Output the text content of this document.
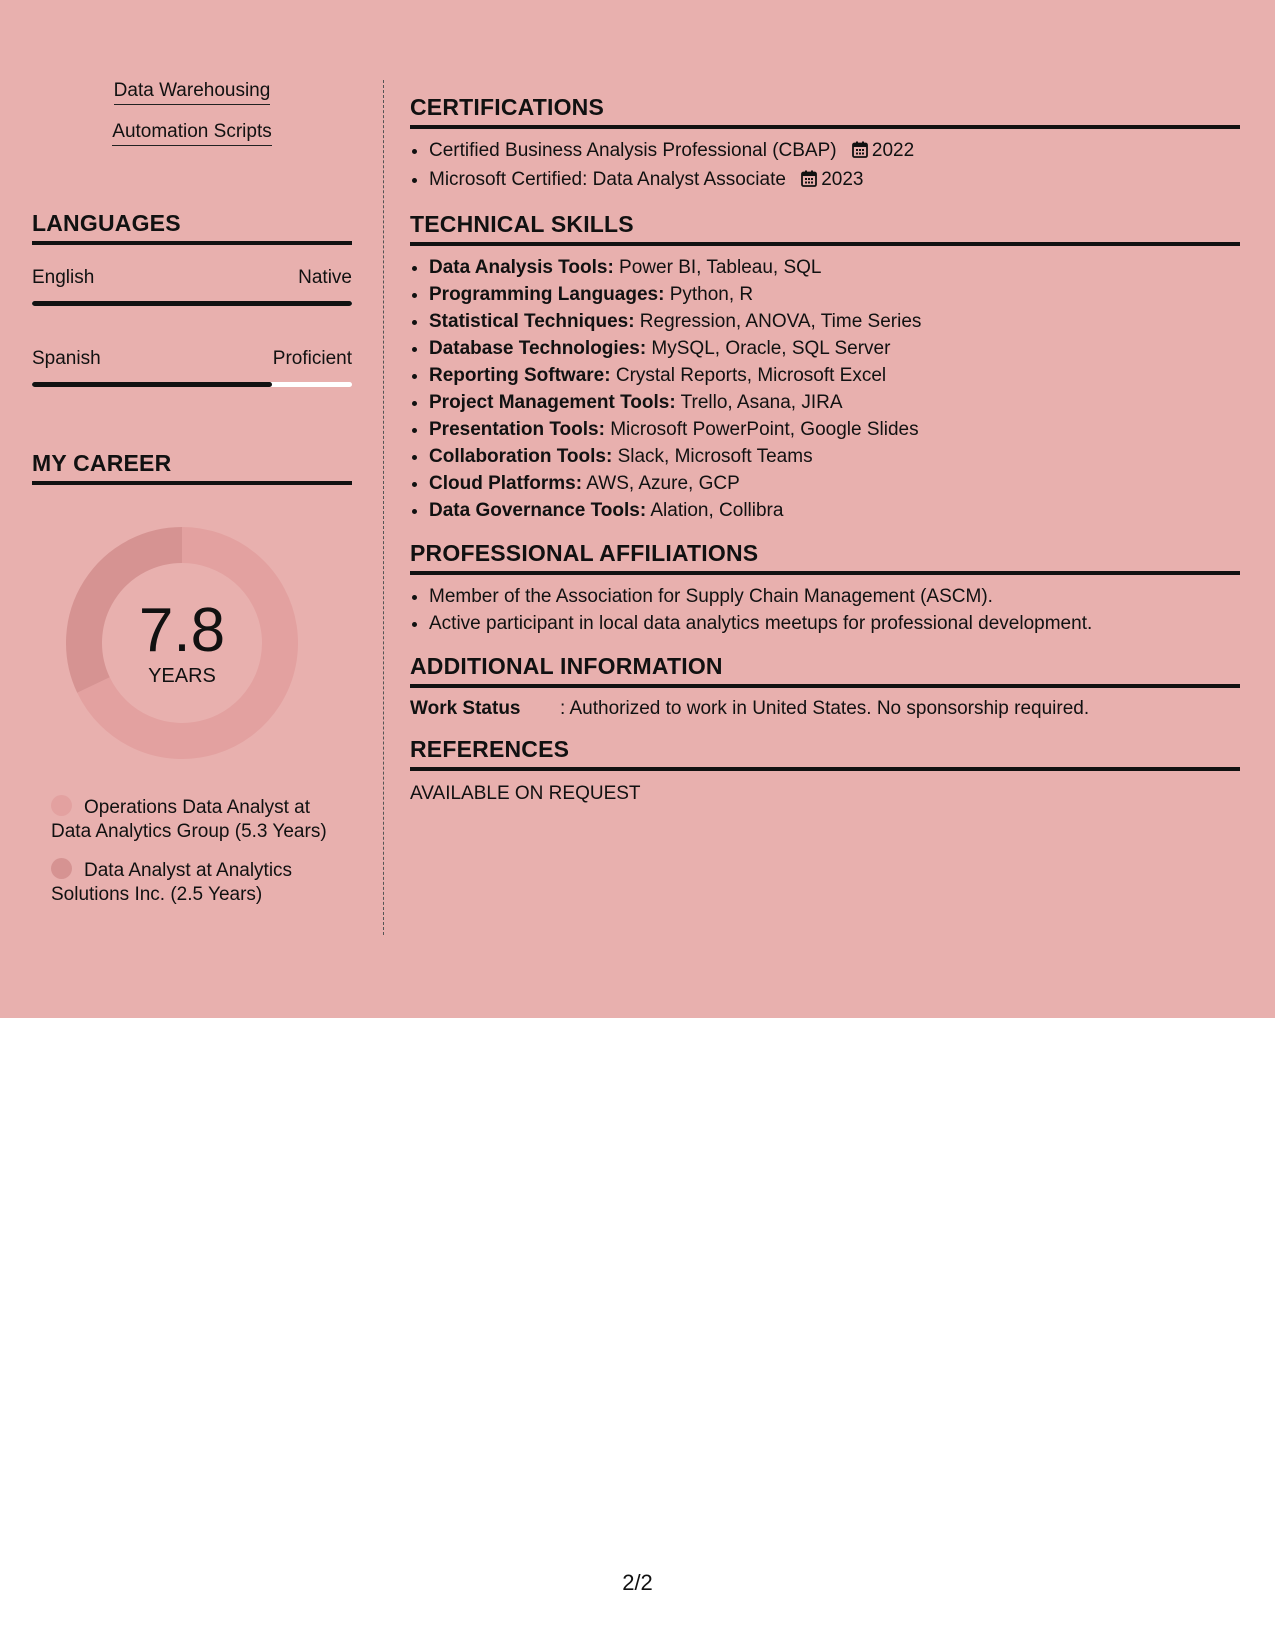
Data Warehousing
Automation Scripts
LANGUAGES
English	Native
Spanish	Proficient
MY CAREER
7.8
YEARS
Operations Data Analyst at Data Analytics Group (5.3 Years)
Data Analyst at Analytics Solutions Inc. (2.5 Years)
CERTIFICATIONS
• Certified Business Analysis Professional (CBAP) 2022
• Microsoft Certified: Data Analyst Associate 2023
TECHNICAL SKILLS
• Data Analysis Tools: Power BI, Tableau, SQL
• Programming Languages: Python, R
• Statistical Techniques: Regression, ANOVA, Time Series
• Database Technologies: MySQL, Oracle, SQL Server
• Reporting Software: Crystal Reports, Microsoft Excel
• Project Management Tools: Trello, Asana, JIRA
• Presentation Tools: Microsoft PowerPoint, Google Slides
• Collaboration Tools: Slack, Microsoft Teams
• Cloud Platforms: AWS, Azure, GCP
• Data Governance Tools: Alation, Collibra
PROFESSIONAL AFFILIATIONS
• Member of the Association for Supply Chain Management (ASCM).
• Active participant in local data analytics meetups for professional development.
ADDITIONAL INFORMATION
Work Status : Authorized to work in United States. No sponsorship required.
REFERENCES
AVAILABLE ON REQUEST
2/2
